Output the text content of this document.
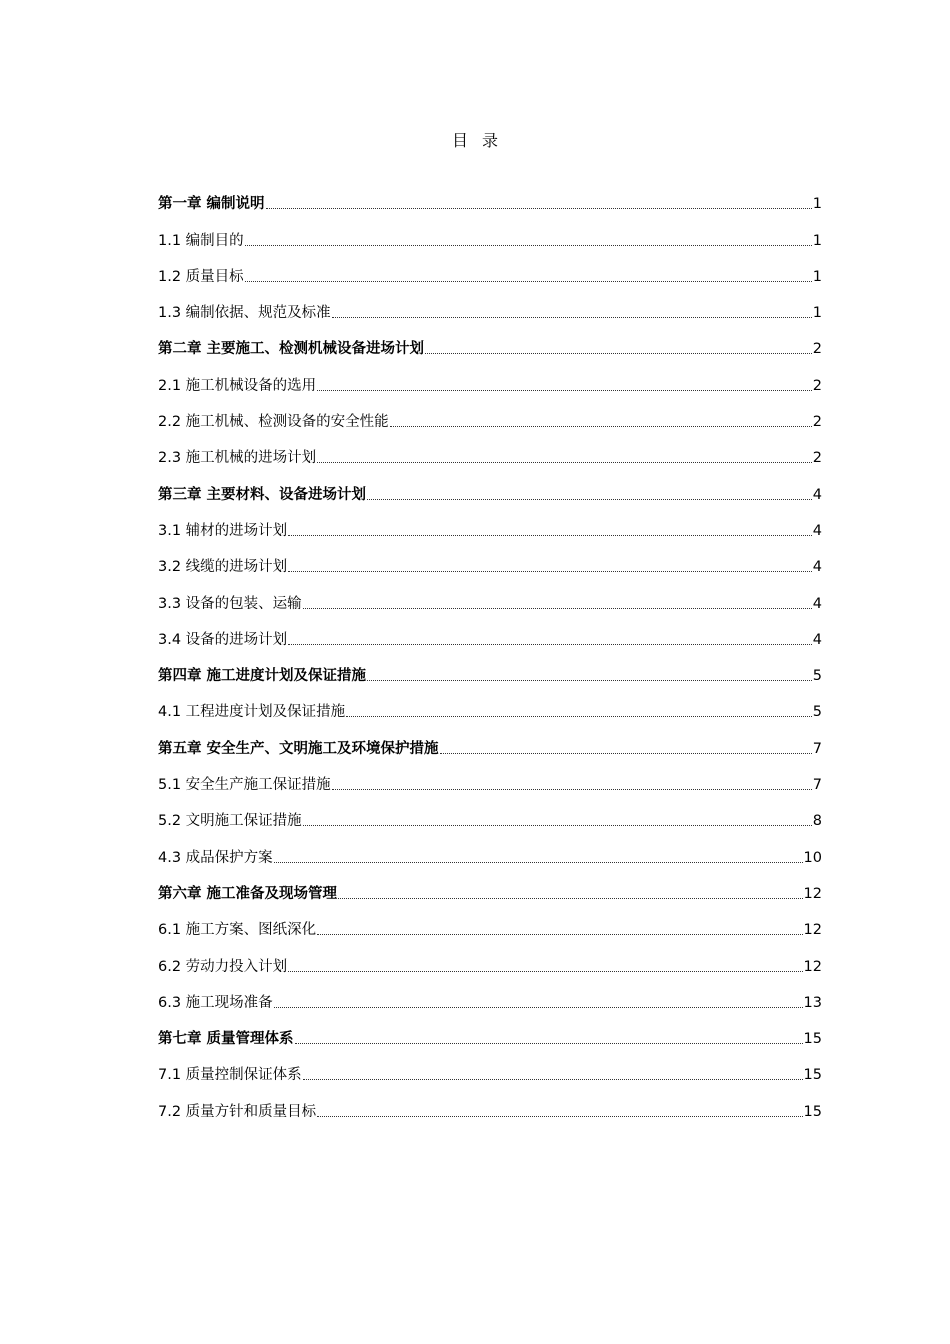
目 录
第一章 编制说明	1
1.1 编制目的	1
1.2 质量目标	1
1.3 编制依据、规范及标准	1
第二章 主要施工、检测机械设备进场计划	2
2.1 施工机械设备的选用	2
2.2 施工机械、检测设备的安全性能	2
2.3 施工机械的进场计划	2
第三章 主要材料、设备进场计划	4
3.1 辅材的进场计划	4
3.2 线缆的进场计划	4
3.3 设备的包装、运输	4
3.4 设备的进场计划	4
第四章 施工进度计划及保证措施	5
4.1 工程进度计划及保证措施	5
第五章 安全生产、文明施工及环境保护措施	7
5.1 安全生产施工保证措施	7
5.2 文明施工保证措施	8
4.3 成品保护方案	10
第六章 施工准备及现场管理	12
6.1 施工方案、图纸深化	12
6.2 劳动力投入计划	12
6.3 施工现场准备	13
第七章 质量管理体系	15
7.1 质量控制保证体系	15
7.2 质量方针和质量目标	15
